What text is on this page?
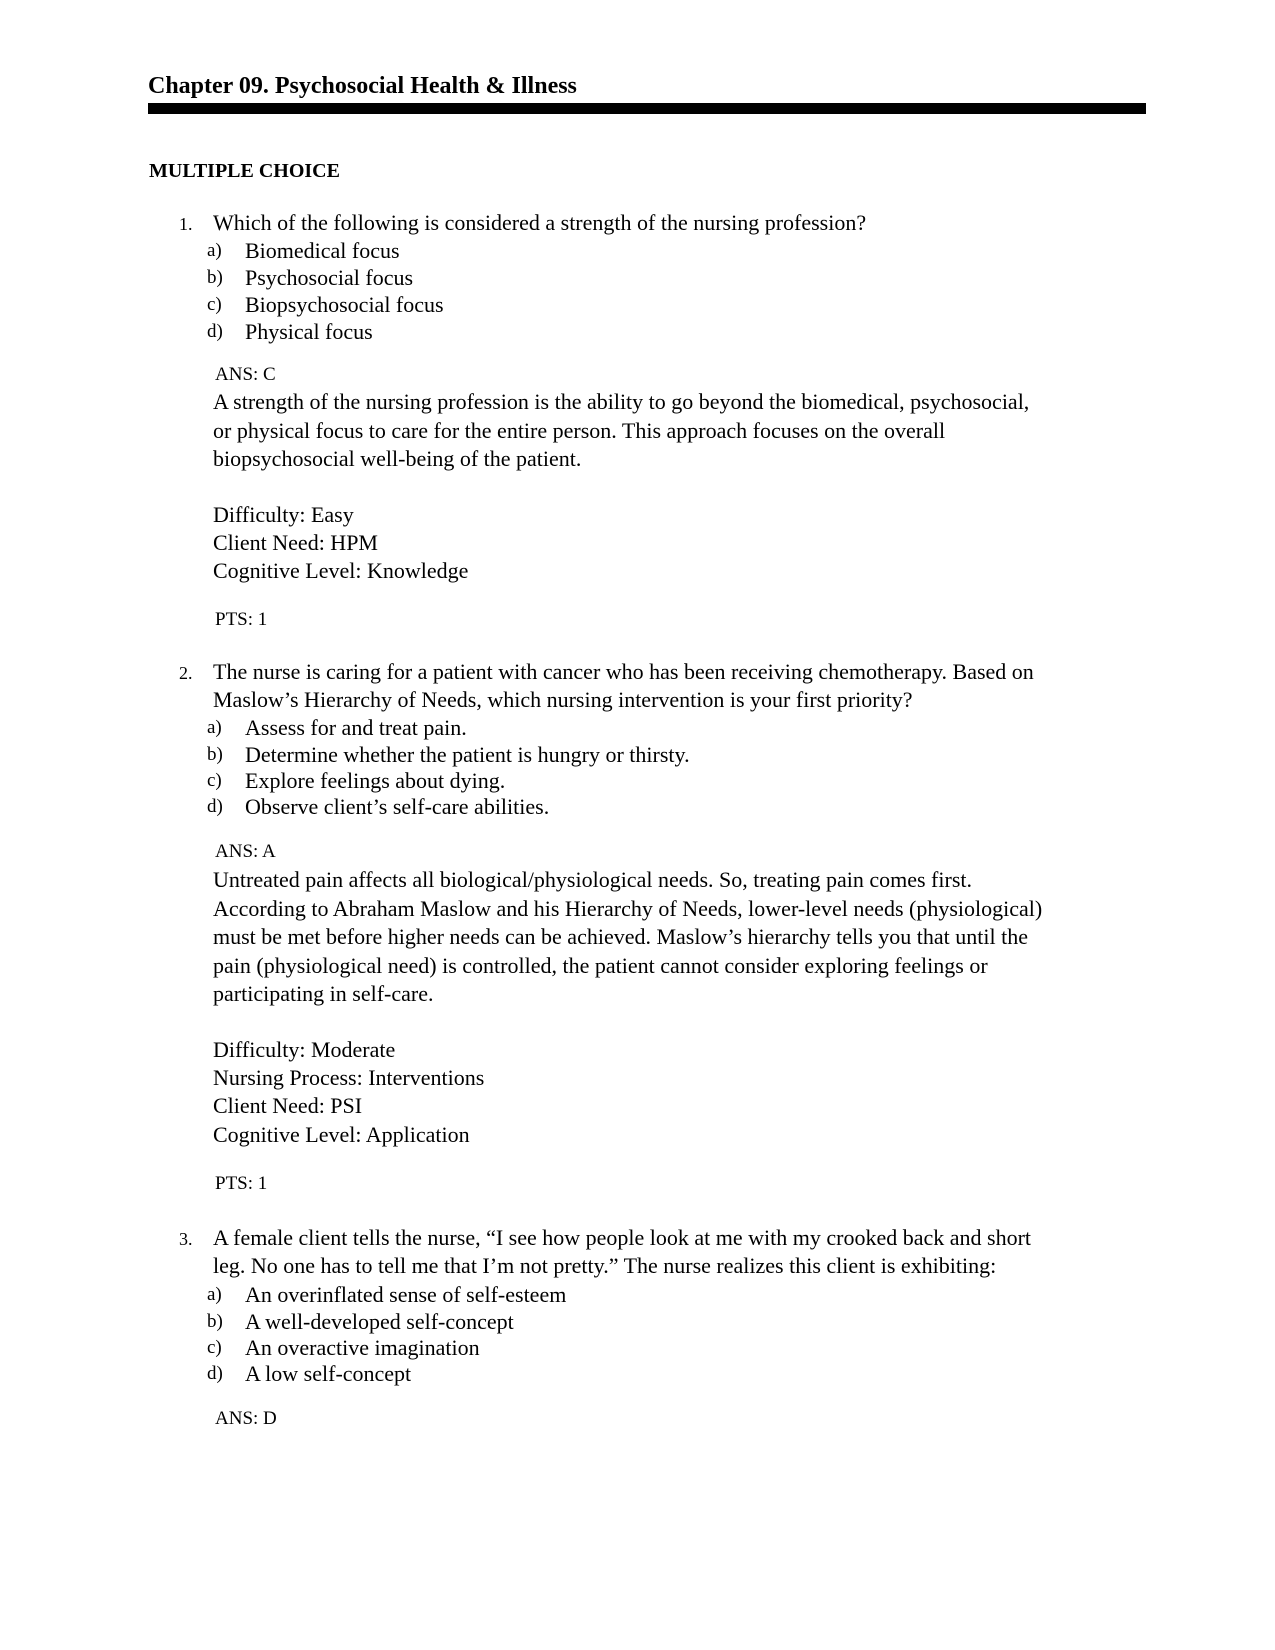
Chapter 09. Psychosocial Health & Illness
MULTIPLE CHOICE
1. Which of the following is considered a strength of the nursing profession?
a) Biomedical focus
b) Psychosocial focus
c) Biopsychosocial focus
d) Physical focus
ANS: C
A strength of the nursing profession is the ability to go beyond the biomedical, psychosocial,
or physical focus to care for the entire person. This approach focuses on the overall
biopsychosocial well-being of the patient.
Difficulty: Easy
Client Need: HPM
Cognitive Level: Knowledge
PTS: 1
2. The nurse is caring for a patient with cancer who has been receiving chemotherapy. Based on
Maslow’s Hierarchy of Needs, which nursing intervention is your first priority?
a) Assess for and treat pain.
b) Determine whether the patient is hungry or thirsty.
c) Explore feelings about dying.
d) Observe client’s self-care abilities.
ANS: A
Untreated pain affects all biological/physiological needs. So, treating pain comes first.
According to Abraham Maslow and his Hierarchy of Needs, lower-level needs (physiological)
must be met before higher needs can be achieved. Maslow’s hierarchy tells you that until the
pain (physiological need) is controlled, the patient cannot consider exploring feelings or
participating in self-care.
Difficulty: Moderate
Nursing Process: Interventions
Client Need: PSI
Cognitive Level: Application
PTS: 1
3. A female client tells the nurse, “I see how people look at me with my crooked back and short
leg. No one has to tell me that I’m not pretty.” The nurse realizes this client is exhibiting:
a) An overinflated sense of self-esteem
b) A well-developed self-concept
c) An overactive imagination
d) A low self-concept
ANS: D
